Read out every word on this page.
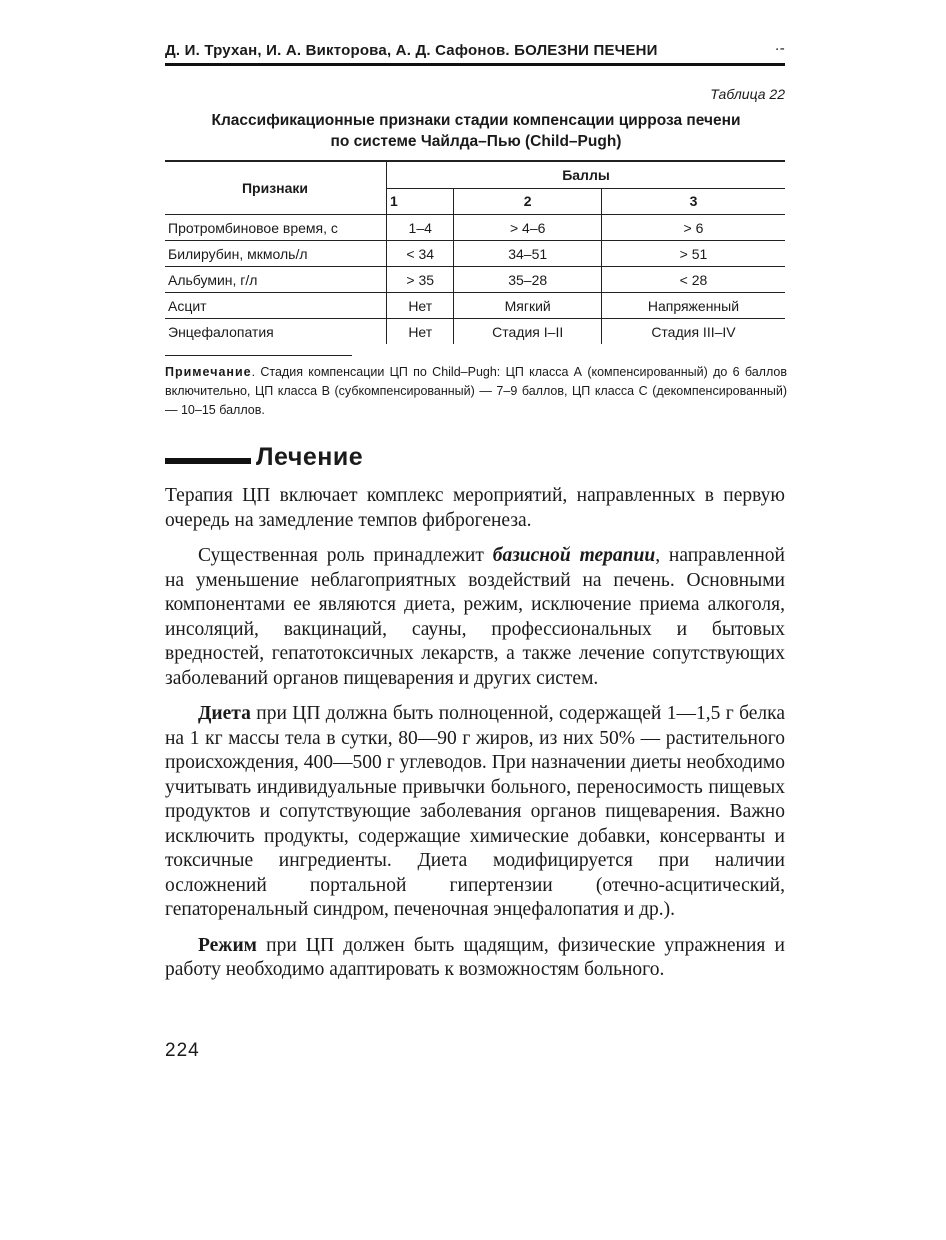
Д. И. Трухан, И. А. Викторова, А. Д. Сафонов. БОЛЕЗНИ ПЕЧЕНИ	·-
Таблица 22
Классификационные признаки стадии компенсации цирроза печени
по системе Чайлда–Пью (Child–Pugh)
Признаки	Баллы		
	1	2	3
Протромбиновое время, с	1–4	> 4–6	> 6
Билирубин, мкмоль/л	< 34	34–51	> 51
Альбумин, г/л	> 35	35–28	< 28
Асцит	Нет	Мягкий	Напряженный
Энцефалопатия	Нет	Стадия I–II	Стадия III–IV
Примечание. Стадия компенсации ЦП по Child–Pugh: ЦП класса А (компенсированный) до 6 баллов включительно, ЦП класса В (субкомпенсированный) — 7–9 баллов, ЦП класса С (декомпенсированный) — 10–15 баллов.
Лечение

Терапия ЦП включает комплекс мероприятий, направленных в первую очередь на замедление темпов фиброгенеза.

Существенная роль принадлежит базисной терапии, направленной на уменьшение неблагоприятных воздействий на печень. Основными компонентами ее являются диета, режим, исключение приема алкоголя, инсоляций, вакцинаций, сауны, профессиональных и бытовых вредностей, гепатотоксичных лекарств, а также лечение сопутствующих заболеваний органов пищеварения и других систем.

Диета при ЦП должна быть полноценной, содержащей 1—1,5 г белка на 1 кг массы тела в сутки, 80—90 г жиров, из них 50% — растительного происхождения, 400—500 г углеводов. При назначении диеты необходимо учитывать индивидуальные привычки больного, переносимость пищевых продуктов и сопутствующие заболевания органов пищеварения. Важно исключить продукты, содержащие химические добавки, консерванты и токсичные ингредиенты. Диета модифицируется при наличии осложнений портальной гипертензии (отечно-асцитический, гепаторенальный синдром, печеночная энцефалопатия и др.).

Режим при ЦП должен быть щадящим, физические упражнения и работу необходимо адаптировать к возможностям больного.

224
